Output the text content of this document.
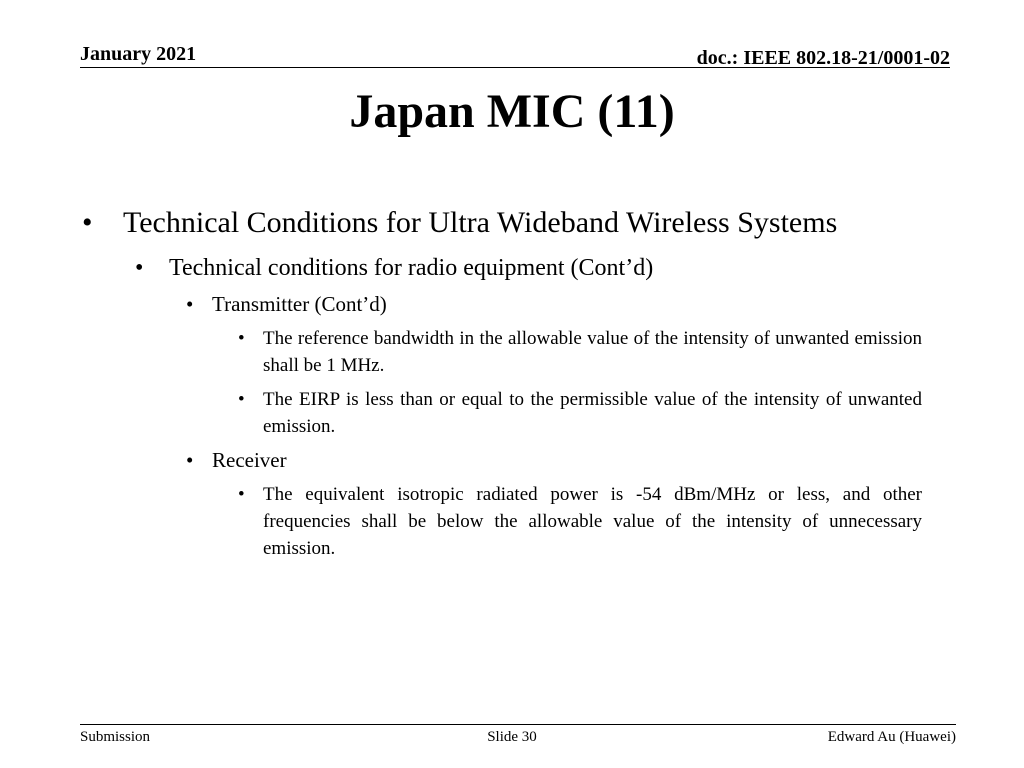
January 2021	doc.: IEEE 802.18-21/0001-02
Japan MIC (11)
• Technical Conditions for Ultra Wideband Wireless Systems
• Technical conditions for radio equipment (Cont’d)
• Transmitter (Cont’d)
• The reference bandwidth in the allowable value of the intensity of unwanted emission shall be 1 MHz.
• The EIRP is less than or equal to the permissible value of the intensity of unwanted emission.
• Receiver
• The equivalent isotropic radiated power is -54 dBm/MHz or less, and other frequencies shall be below the allowable value of the intensity of unnecessary emission.
Submission	Slide 30	Edward Au (Huawei)
